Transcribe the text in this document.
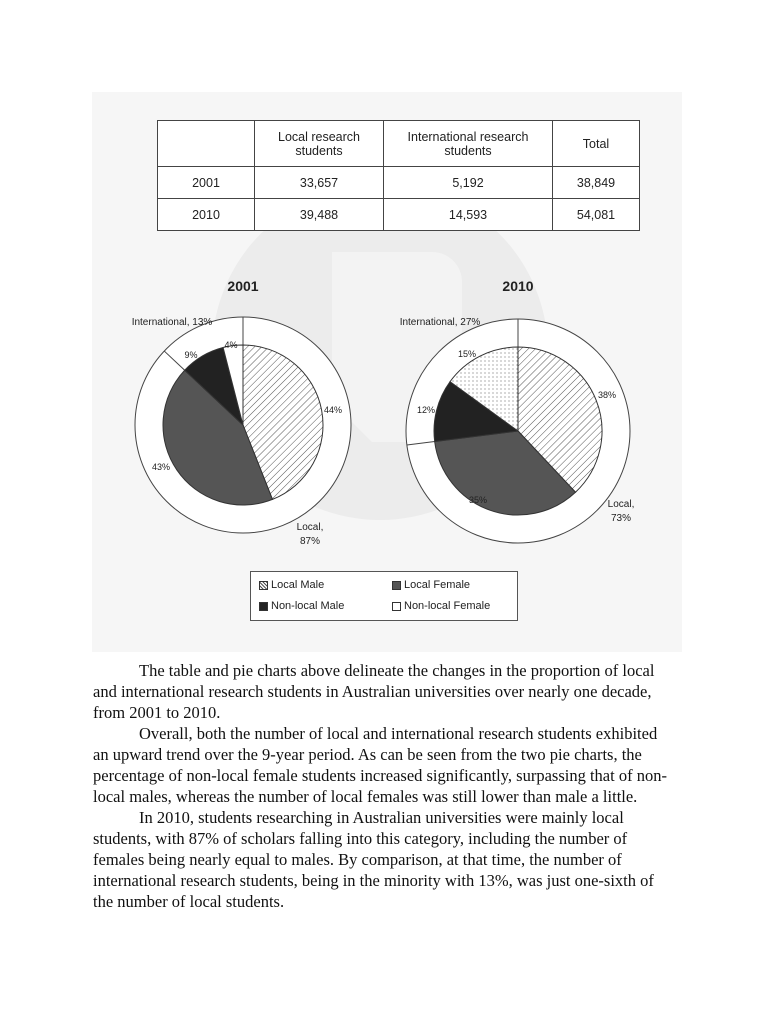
	Local research students	International research students	Total
2001	33,657	5,192	38,849
2010	39,488	14,593	54,081
2001
44%
43%
9%
4%
International, 13%
Local,
87%
2010
38%
35%
12%
15%
International, 27%
Local,
73%
Local Male	Local Female
Non-local Male	Non-local Female

The table and pie charts above delineate the changes in the proportion of local and international research students in Australian universities over nearly one decade, from 2001 to 2010.

Overall, both the number of local and international research students exhibited an upward trend over the 9-year period. As can be seen from the two pie charts, the percentage of non-local female students increased significantly, surpassing that of non-local males, whereas the number of local females was still lower than male a little.

In 2010, students researching in Australian universities were mainly local students, with 87% of scholars falling into this category, including the number of females being nearly equal to males. By comparison, at that time, the number of international research students, being in the minority with 13%, was just one-sixth of the number of local students.
